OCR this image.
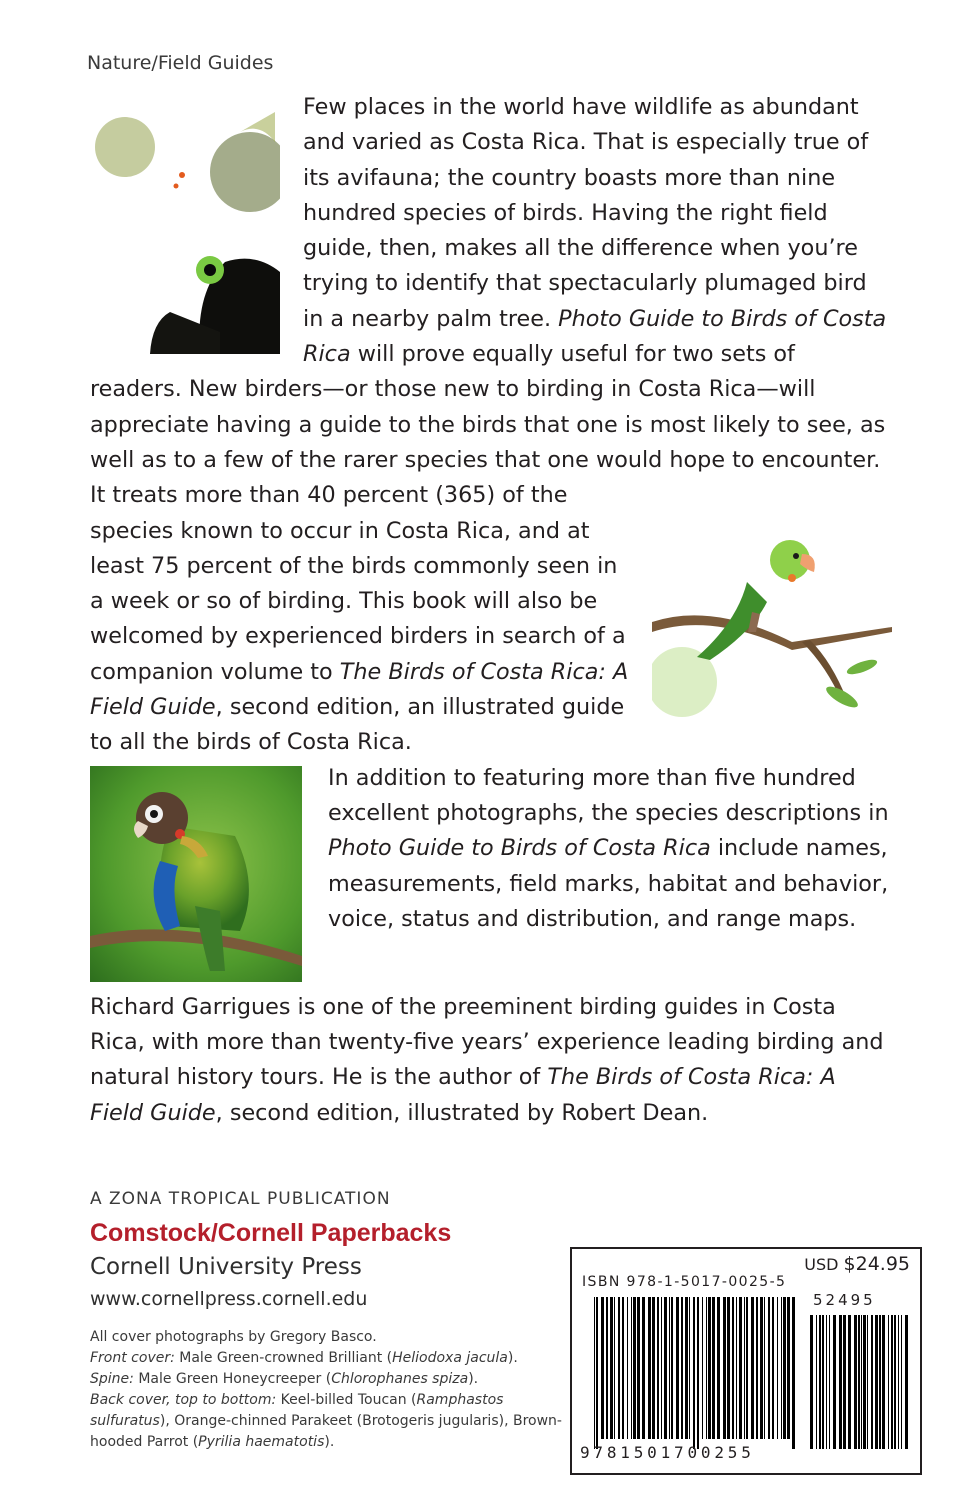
Nature/Field Guides

Few places in the world have wildlife as abundant and varied as Costa Rica. That is especially true of its avifauna; the country boasts more than nine hundred species of birds. Having the right field guide, then, makes all the difference when you’re trying to identify that spectacularly plumaged bird in a nearby palm tree. Photo Guide to Birds of Costa Rica will prove equally useful for two sets of readers. New birders—or those new to birding in Costa Rica—will appreciate having a guide to the birds that one is most likely to see, as well as to a few of the rarer species that one would hope to encounter.
It treats more than 40 percent (365) of the species known to occur in Costa Rica, and at least 75 percent of the birds commonly seen in a week or so of birding. This book will also be welcomed by experienced birders in search of a companion volume to The Birds of Costa Rica: A Field Guide, second edition, an illustrated guide to all the birds of Costa Rica.

In addition to featuring more than five hundred excellent photographs, the species descriptions in Photo Guide to Birds of Costa Rica include names, measurements, field marks, habitat and behavior, voice, status and distribution, and range maps.

Richard Garrigues is one of the preeminent birding guides in Costa Rica, with more than twenty-five years’ experience leading birding and natural history tours. He is the author of The Birds of Costa Rica: A Field Guide, second edition, illustrated by Robert Dean.

A ZONA TROPICAL PUBLICATION
Comstock/Cornell Paperbacks
Cornell University Press
www.cornellpress.cornell.edu

All cover photographs by Gregory Basco.

Front cover: Male Green-crowned Brilliant (Heliodoxa jacula).

Spine: Male Green Honeycreeper (Chlorophanes spiza).

Back cover, top to bottom: Keel-billed Toucan (Ramphastos sulfuratus), Orange-chinned Parakeet (Brotogeris jugularis), Brown-hooded Parrot (Pyrilia haematotis).

USD $24.95
ISBN 978-1-5017-0025-5
52495
9781501700255
